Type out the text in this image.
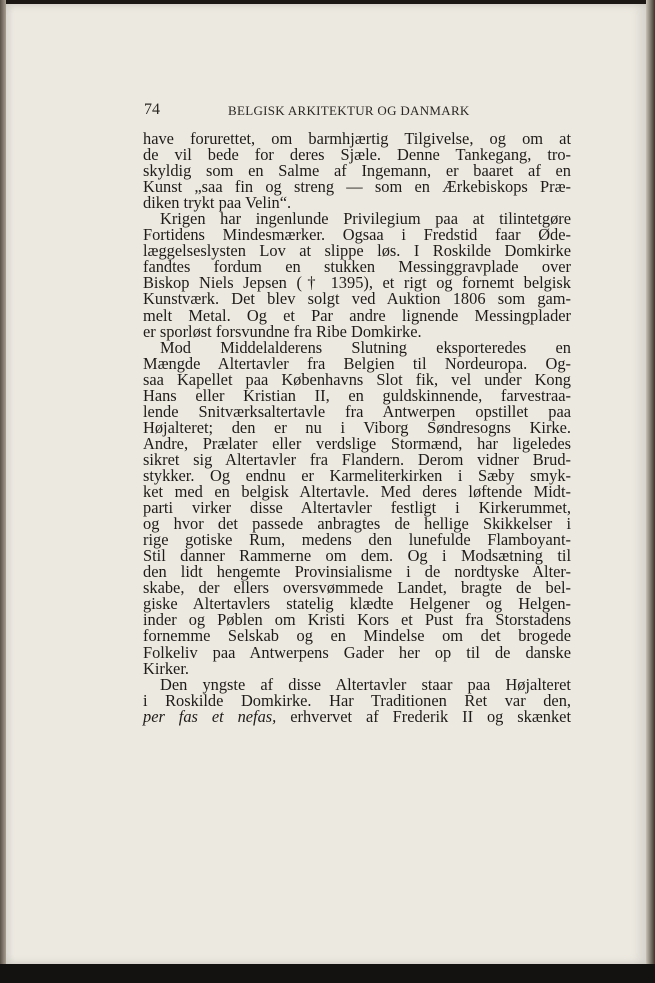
74	BELGISK ARKITEKTUR OG DANMARK
have forurettet, om barmhjærtig Tilgivelse, og om at
de vil bede for deres Sjæle. Denne Tankegang, tro-
skyldig som en Salme af Ingemann, er baaret af en
Kunst „saa fin og streng — som en Ærkebiskops Præ-
diken trykt paa Velin“.
Krigen har ingenlunde Privilegium paa at tilintetgøre
Fortidens Mindesmærker. Ogsaa i Fredstid faar Øde-
læggelseslysten Lov at slippe løs. I Roskilde Domkirke
fandtes fordum en stukken Messinggravplade over
Biskop Niels Jepsen († 1395), et rigt og fornemt belgisk
Kunstværk. Det blev solgt ved Auktion 1806 som gam-
melt Metal. Og et Par andre lignende Messingplader
er sporløst forsvundne fra Ribe Domkirke.
Mod Middelalderens Slutning eksporteredes en
Mængde Altertavler fra Belgien til Nordeuropa. Og-
saa Kapellet paa Københavns Slot fik, vel under Kong
Hans eller Kristian II, en guldskinnende, farvestraa-
lende Snitværksaltertavle fra Antwerpen opstillet paa
Højalteret; den er nu i Viborg Søndresogns Kirke.
Andre, Prælater eller verdslige Stormænd, har ligeledes
sikret sig Altertavler fra Flandern. Derom vidner Brud-
stykker. Og endnu er Karmeliterkirken i Sæby smyk-
ket med en belgisk Altertavle. Med deres løftende Midt-
parti virker disse Altertavler festligt i Kirkerummet,
og hvor det passede anbragtes de hellige Skikkelser i
rige gotiske Rum, medens den lunefulde Flamboyant-
Stil danner Rammerne om dem. Og i Modsætning til
den lidt hengemte Provinsialisme i de nordtyske Alter-
skabe, der ellers oversvømmede Landet, bragte de bel-
giske Altertavlers statelig klædte Helgener og Helgen-
inder og Pøblen om Kristi Kors et Pust fra Storstadens
fornemme Selskab og en Mindelse om det brogede
Folkeliv paa Antwerpens Gader her op til de danske
Kirker.
Den yngste af disse Altertavler staar paa Højalteret
i Roskilde Domkirke. Har Traditionen Ret var den,
per fas et nefas, erhvervet af Frederik II og skænket
